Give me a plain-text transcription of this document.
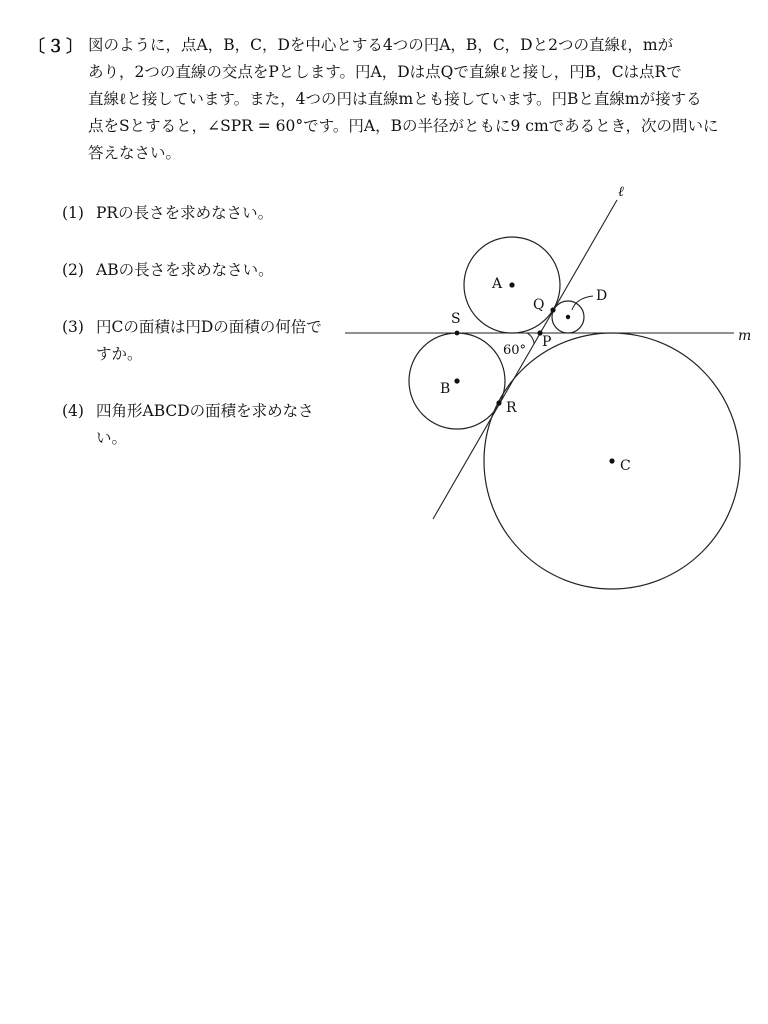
〔３〕 図のように，点A，B，C，Dを中心とする4つの円A，B，C，Dと2つの直線ℓ，mが

あり，2つの直線の交点をPとします。円A，Dは点Qで直線ℓと接し，円B，Cは点Rで

直線ℓと接しています。また，4つの円は直線mとも接しています。円Bと直線mが接する

点をSとすると，∠SPR = 60°です。円A，Bの半径がともに9 cmであるとき，次の問いに

答えなさい。

(1) PRの長さを求めなさい。
(2) ABの長さを求めなさい。
(3) 円Cの面積は円Dの面積の何倍ですか。
(4) 四角形ABCDの面積を求めなさい。
ℓ
m
A
B
C
D
P
Q
R
S
60°
